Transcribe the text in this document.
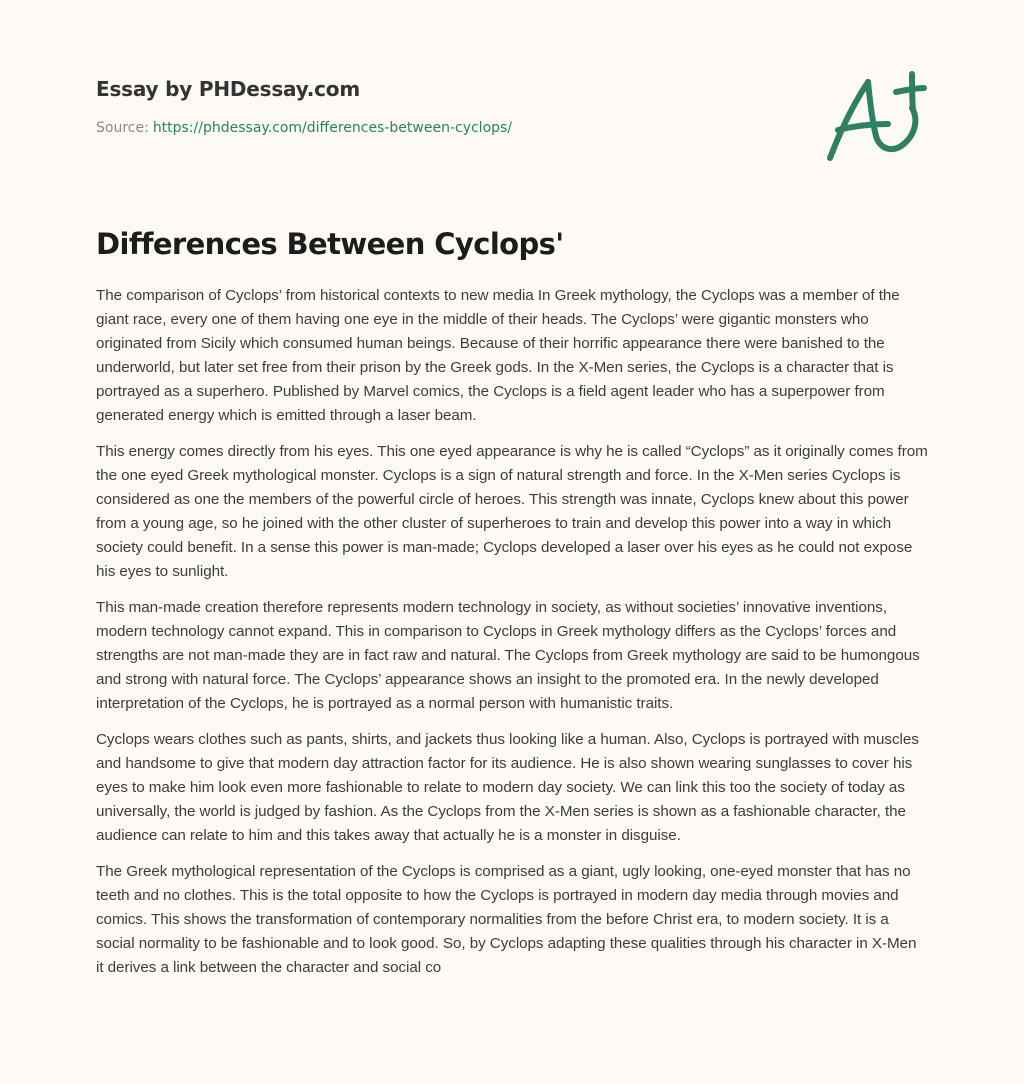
Essay by PHDessay.com
Source: https://phdessay.com/differences-between-cyclops/
Differences Between Cyclops'

The comparison of Cyclops’ from historical contexts to new media In Greek mythology, the Cyclops was a member of the giant race, every one of them having one eye in the middle of their heads. The Cyclops’ were gigantic monsters who originated from Sicily which consumed human beings. Because of their horrific appearance there were banished to the underworld, but later set free from their prison by the Greek gods. In the X-Men series, the Cyclops is a character that is portrayed as a superhero. Published by Marvel comics, the Cyclops is a field agent leader who has a superpower from generated energy which is emitted through a laser beam.

This energy comes directly from his eyes. This one eyed appearance is why he is called “Cyclops” as it originally comes from the one eyed Greek mythological monster. Cyclops is a sign of natural strength and force. In the X-Men series Cyclops is considered as one the members of the powerful circle of heroes. This strength was innate, Cyclops knew about this power from a young age, so he joined with the other cluster of superheroes to train and develop this power into a way in which society could benefit. In a sense this power is man-made; Cyclops developed a laser over his eyes as he could not expose his eyes to sunlight.

This man-made creation therefore represents modern technology in society, as without societies’ innovative inventions, modern technology cannot expand. This in comparison to Cyclops in Greek mythology differs as the Cyclops’ forces and strengths are not man-made they are in fact raw and natural. The Cyclops from Greek mythology are said to be humongous and strong with natural force. The Cyclops’ appearance shows an insight to the promoted era. In the newly developed interpretation of the Cyclops, he is portrayed as a normal person with humanistic traits.

Cyclops wears clothes such as pants, shirts, and jackets thus looking like a human. Also, Cyclops is portrayed with muscles and handsome to give that modern day attraction factor for its audience. He is also shown wearing sunglasses to cover his eyes to make him look even more fashionable to relate to modern day society. We can link this too the society of today as universally, the world is judged by fashion. As the Cyclops from the X-Men series is shown as a fashionable character, the audience can relate to him and this takes away that actually he is a monster in disguise.

The Greek mythological representation of the Cyclops is comprised as a giant, ugly looking, one-eyed monster that has no teeth and no clothes. This is the total opposite to how the Cyclops is portrayed in modern day media through movies and comics. This shows the transformation of contemporary normalities from the before Christ era, to modern society. It is a social normality to be fashionable and to look good. So, by Cyclops adapting these qualities through his character in X-Men it derives a link between the character and social co
